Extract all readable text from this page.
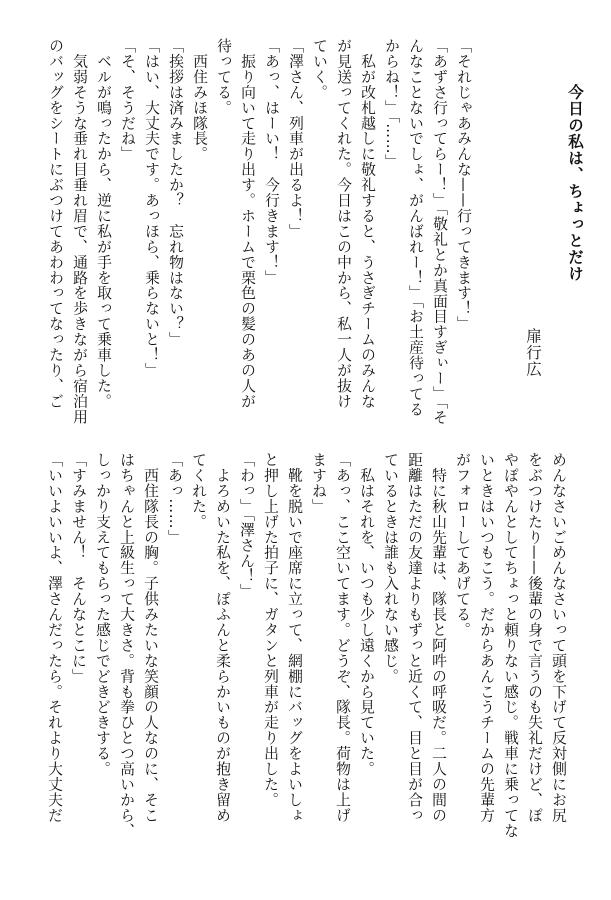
今日の私は、ちょっとだけ
扉行広
「それじゃあみんな——行ってきます！」
「あずさ行ってらー！」「敬礼とか真面目すぎぃー」「そ
んなことないでしょ、がんばれー！」「お土産待ってる
からね！」「……」
　私が改札越しに敬礼すると、うさぎチームのみんな
が見送ってくれた。今日はこの中から、私一人が抜け
ていく。
「澤さん、列車が出るよ！」
「あっ、はーい！　今行きます！」
　振り向いて走り出す。ホームで栗色の髪のあの人が
待ってる。
　西住みほ隊長。
「挨拶は済みましたか？　忘れ物はない？」
「はい、大丈夫です。あっほら、乗らないと！」
「そ、そうだね」
　ベルが鳴ったから、逆に私が手を取って乗車した。
　気弱そうな垂れ目垂れ眉で、通路を歩きながら宿泊用
のバッグをシートにぶつけてあわわってなったり、ご
めんなさいごめんなさいって頭を下げて反対側にお尻
をぶつけたり——後輩の身で言うのも失礼だけど、ぽ
やぽやんとしてちょっと頼りない感じ。戦車に乗ってな
いときはいつもこう。だからあんこうチームの先輩方
がフォローしてあげてる。
　特に秋山先輩は、隊長と阿吽の呼吸だ。二人の間の
距離はただの友達よりもずっと近くて、目と目が合っ
ているときは誰も入れない感じ。
　私はそれを、いつも少し遠くから見ていた。
「あっ、ここ空いてます。どうぞ、隊長。荷物は上げ
ますね」
　靴を脱いで座席に立って、網棚にバッグをよいしょ
と押し上げた拍子に、ガタンと列車が走り出した。
「わっ」「澤さん！」
　よろめいた私を、ぽふんと柔らかいものが抱き留め
てくれた。
「あっ……」
　西住隊長の胸。子供みたいな笑顔の人なのに、そこ
はちゃんと上級生って大きさ。背も拳ひとつ高いから、
しっかり支えてもらった感じでどきどきする。
「すみません！　そんなとこに」
「いいよいいよ、澤さんだったら。それより大丈夫だ
